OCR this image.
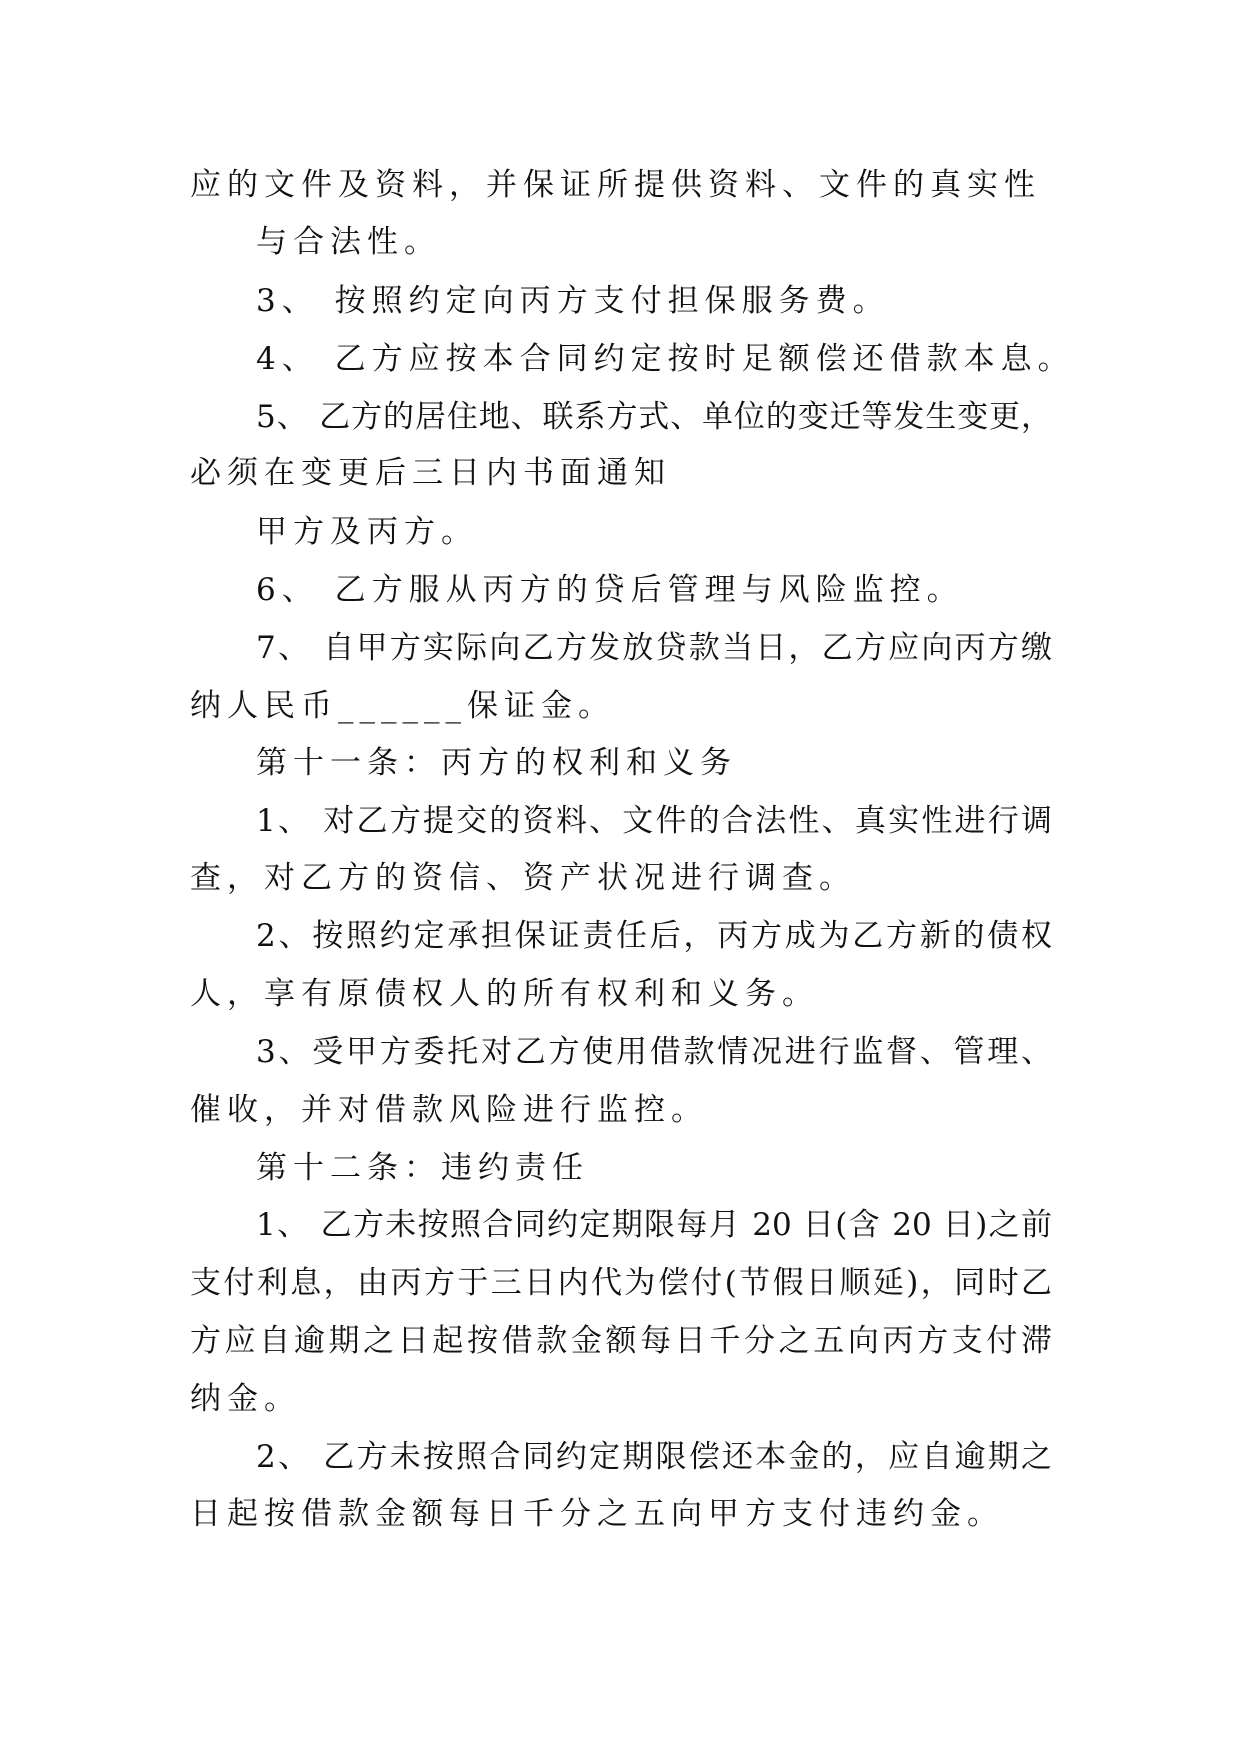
应的文件及资料，并保证所提供资料、文件的真实性
与合法性。
3、 按照约定向丙方支付担保服务费。
4、 乙方应按本合同约定按时足额偿还借款本息。
5、 乙方的居住地、联系方式、单位的变迁等发生变更，
必须在变更后三日内书面通知
甲方及丙方。
6、 乙方服从丙方的贷后管理与风险监控。
7、 自甲方实际向乙方发放贷款当日，乙方应向丙方缴
纳人民币______保证金。
第十一条：丙方的权利和义务
1、 对乙方提交的资料、文件的合法性、真实性进行调
查，对乙方的资信、资产状况进行调查。
2、按照约定承担保证责任后，丙方成为乙方新的债权
人，享有原债权人的所有权利和义务。
3、受甲方委托对乙方使用借款情况进行监督、管理、
催收，并对借款风险进行监控。
第十二条：违约责任
1、 乙方未按照合同约定期限每月 20 日(含 20 日)之前
支付利息，由丙方于三日内代为偿付(节假日顺延)，同时乙
方应自逾期之日起按借款金额每日千分之五向丙方支付滞
纳金。
2、 乙方未按照合同约定期限偿还本金的，应自逾期之
日起按借款金额每日千分之五向甲方支付违约金。
